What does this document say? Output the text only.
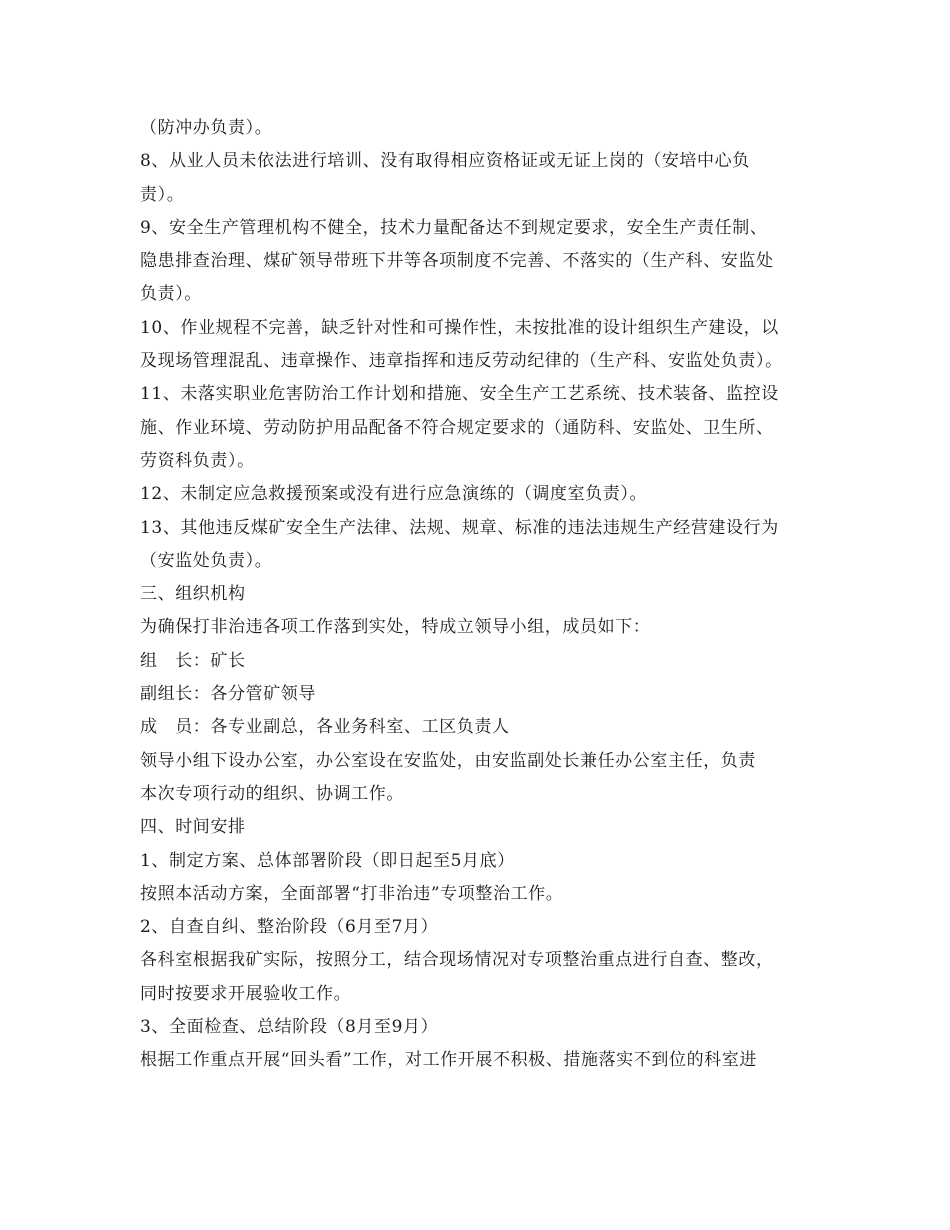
（防冲办负责）。
8、从业人员未依法进行培训、没有取得相应资格证或无证上岗的（安培中心负
责）。
9、安全生产管理机构不健全，技术力量配备达不到规定要求，安全生产责任制、
隐患排查治理、煤矿领导带班下井等各项制度不完善、不落实的（生产科、安监处
负责）。
10、作业规程不完善，缺乏针对性和可操作性，未按批准的设计组织生产建设，以
及现场管理混乱、违章操作、违章指挥和违反劳动纪律的（生产科、安监处负责）。
11、未落实职业危害防治工作计划和措施、安全生产工艺系统、技术装备、监控设
施、作业环境、劳动防护用品配备不符合规定要求的（通防科、安监处、卫生所、
劳资科负责）。
12、未制定应急救援预案或没有进行应急演练的（调度室负责）。
13、其他违反煤矿安全生产法律、法规、规章、标准的违法违规生产经营建设行为
（安监处负责）。
三、组织机构
为确保打非治违各项工作落到实处，特成立领导小组，成员如下：
组　长：矿长
副组长：各分管矿领导
成　员：各专业副总，各业务科室、工区负责人
领导小组下设办公室，办公室设在安监处，由安监副处长兼任办公室主任，负责
本次专项行动的组织、协调工作。
四、时间安排
1、制定方案、总体部署阶段（即日起至5月底）
按照本活动方案，全面部署“打非治违”专项整治工作。
2、自查自纠、整治阶段（6月至7月）
各科室根据我矿实际，按照分工，结合现场情况对专项整治重点进行自查、整改，
同时按要求开展验收工作。
3、全面检查、总结阶段（8月至9月）
根据工作重点开展“回头看”工作，对工作开展不积极、措施落实不到位的科室进
